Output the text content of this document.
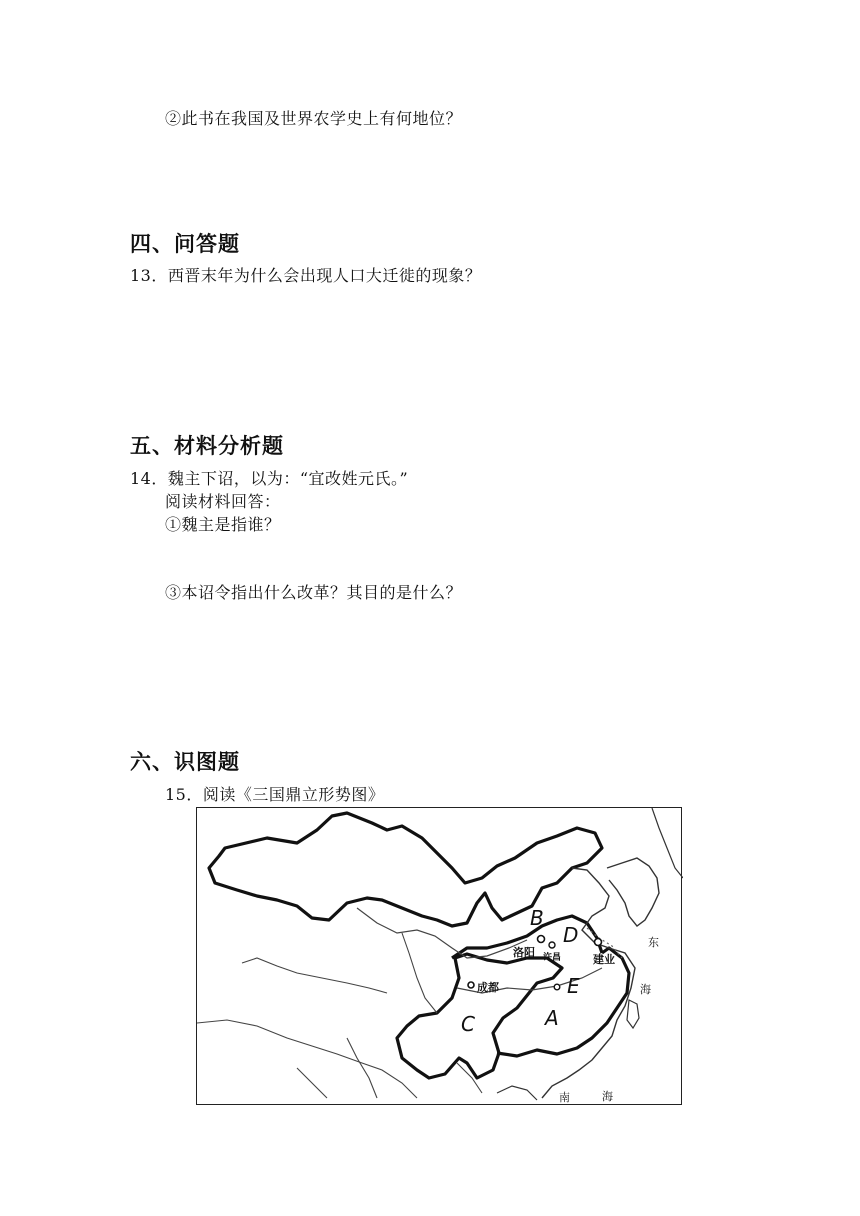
②此书在我国及世界农学史上有何地位？
四、问答题
13．西晋末年为什么会出现人口大迁徙的现象？
五、材料分析题
14．魏主下诏，以为：“宜改姓元氏。”
阅读材料回答：
①魏主是指谁？
③本诏令指出什么改革？其目的是什么？
六、识图题
15．阅读《三国鼎立形势图》
B
D
E
A
C
洛阳 许昌
成都
建业
东
海
南	海
